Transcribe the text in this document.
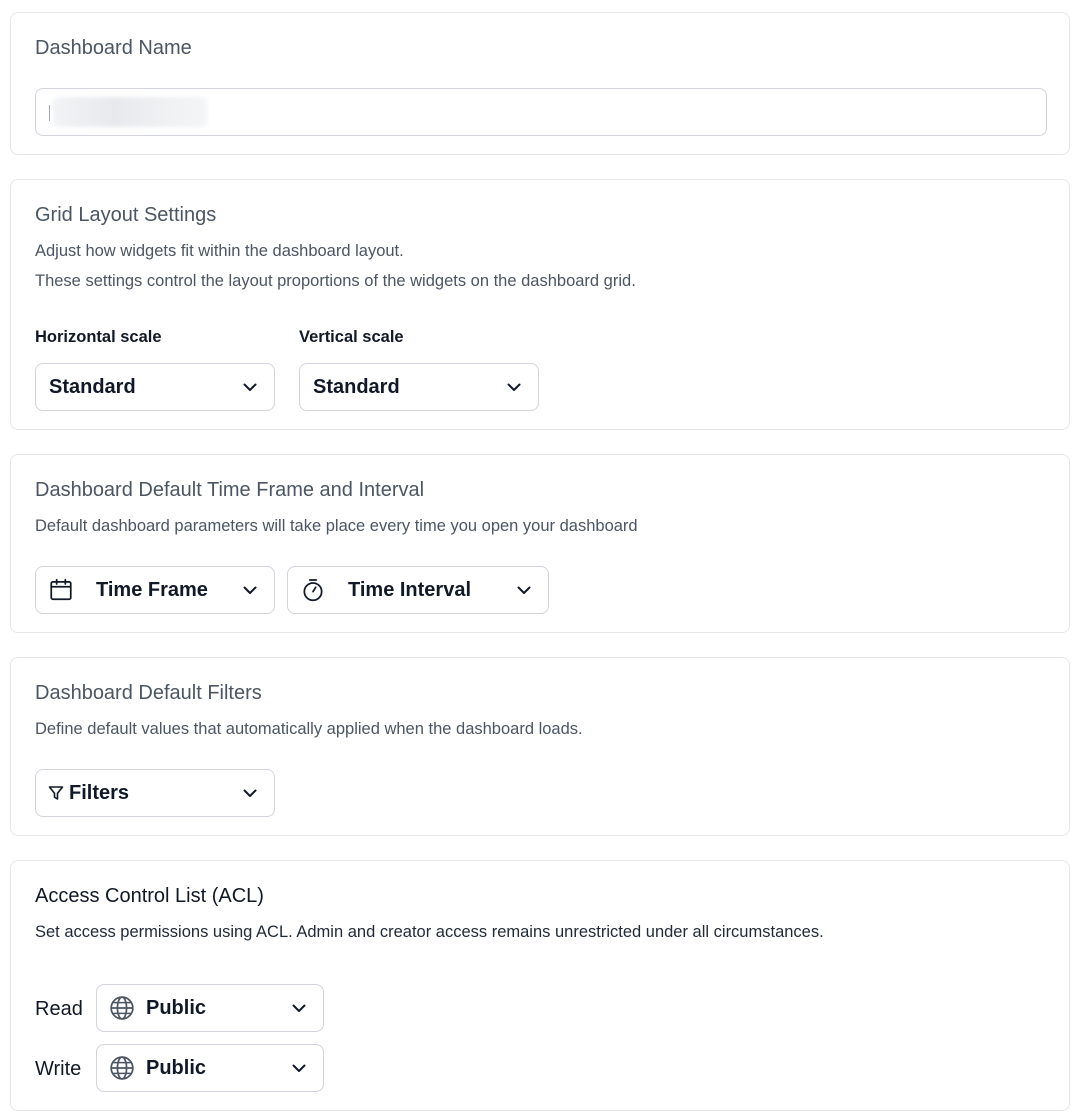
Dashboard Name
Grid Layout Settings
Adjust how widgets fit within the dashboard layout.
These settings control the layout proportions of the widgets on the dashboard grid.
Horizontal scale	Vertical scale
Standard	Standard
Dashboard Default Time Frame and Interval
Default dashboard parameters will take place every time you open your dashboard
Time Frame	Time Interval
Dashboard Default Filters
Define default values that automatically applied when the dashboard loads.
Filters
Access Control List (ACL)
Set access permissions using ACL. Admin and creator access remains unrestricted under all circumstances.
Read	Public
Write	Public
